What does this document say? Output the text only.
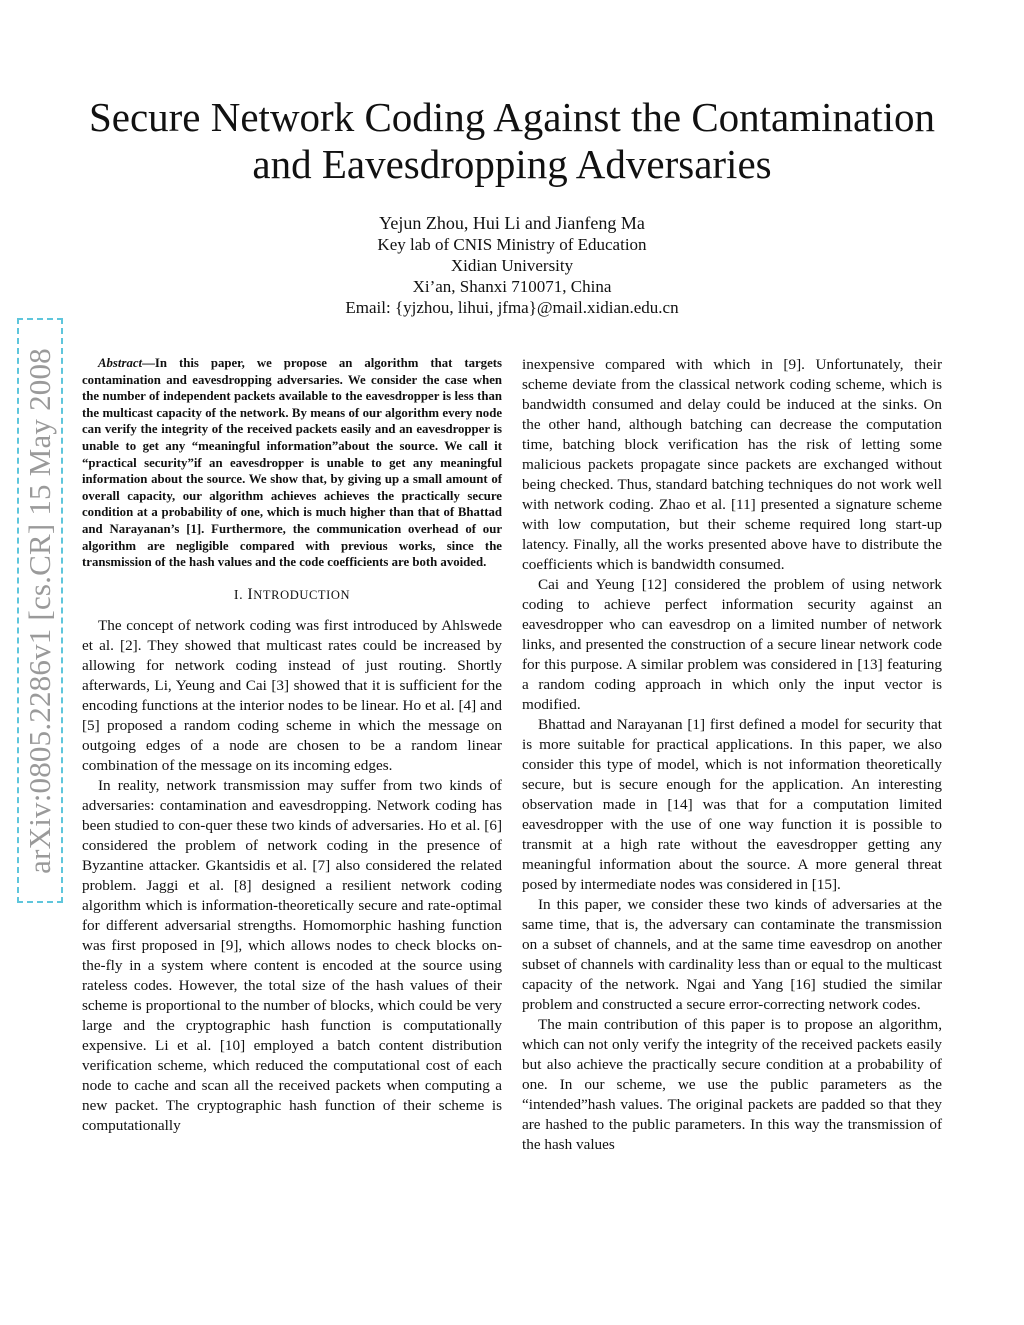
arXiv:0805.2286v1 [cs.CR] 15 May 2008
Secure Network Coding Against the Contamination
and Eavesdropping Adversaries
Yejun Zhou, Hui Li and Jianfeng Ma
Key lab of CNIS Ministry of Education
Xidian University
Xi’an, Shanxi 710071, China
Email: {yjzhou, lihui, jfma}@mail.xidian.edu.cn

Abstract—In this paper, we propose an algorithm that targets contamination and eavesdropping adversaries. We consider the case when the number of independent packets available to the eavesdropper is less than the multicast capacity of the network. By means of our algorithm every node can verify the integrity of the received packets easily and an eavesdropper is unable to get any “meaningful information”about the source. We call it “practical security”if an eavesdropper is unable to get any meaningful information about the source. We show that, by giving up a small amount of overall capacity, our algorithm achieves achieves the practically secure condition at a probability of one, which is much higher than that of Bhattad and Narayanan’s [1]. Furthermore, the communication overhead of our algorithm are negligible compared with previous works, since the transmission of the hash values and the code coefficients are both avoided.

I. INTRODUCTION

The concept of network coding was first introduced by Ahlswede et al. [2]. They showed that multicast rates could be increased by allowing for network coding instead of just routing. Shortly afterwards, Li, Yeung and Cai [3] showed that it is sufficient for the encoding functions at the interior nodes to be linear. Ho et al. [4] and [5] proposed a random coding scheme in which the message on outgoing edges of a node are chosen to be a random linear combination of the message on its incoming edges.

In reality, network transmission may suffer from two kinds of adversaries: contamination and eavesdropping. Network coding has been studied to con-quer these two kinds of adversaries. Ho et al. [6] considered the problem of network coding in the presence of Byzantine attacker. Gkantsidis et al. [7] also considered the related problem. Jaggi et al. [8] designed a resilient network coding algorithm which is information-theoretically secure and rate-optimal for different adversarial strengths. Homomorphic hashing function was first proposed in [9], which allows nodes to check blocks on-the-fly in a system where content is encoded at the source using rateless codes. However, the total size of the hash values of their scheme is proportional to the number of blocks, which could be very large and the cryptographic hash function is computationally expensive. Li et al. [10] employed a batch content distribution verification scheme, which reduced the computational cost of each node to cache and scan all the received packets when computing a new packet. The cryptographic hash function of their scheme is computationally

inexpensive compared with which in [9]. Unfortunately, their scheme deviate from the classical network coding scheme, which is bandwidth consumed and delay could be induced at the sinks. On the other hand, although batching can decrease the computation time, batching block verification has the risk of letting some malicious packets propagate since packets are exchanged without being checked. Thus, standard batching techniques do not work well with network coding. Zhao et al. [11] presented a signature scheme with low computation, but their scheme required long start-up latency. Finally, all the works presented above have to distribute the coefficients which is bandwidth consumed.

Cai and Yeung [12] considered the problem of using network coding to achieve perfect information security against an eavesdropper who can eavesdrop on a limited number of network links, and presented the construction of a secure linear network code for this purpose. A similar problem was considered in [13] featuring a random coding approach in which only the input vector is modified.

Bhattad and Narayanan [1] first defined a model for security that is more suitable for practical applications. In this paper, we also consider this type of model, which is not information theoretically secure, but is secure enough for the application. An interesting observation made in [14] was that for a computation limited eavesdropper with the use of one way function it is possible to transmit at a high rate without the eavesdropper getting any meaningful information about the source. A more general threat posed by intermediate nodes was considered in [15].

In this paper, we consider these two kinds of adversaries at the same time, that is, the adversary can contaminate the transmission on a subset of channels, and at the same time eavesdrop on another subset of channels with cardinality less than or equal to the multicast capacity of the network. Ngai and Yang [16] studied the similar problem and constructed a secure error-correcting network codes.

The main contribution of this paper is to propose an algorithm, which can not only verify the integrity of the received packets easily but also achieve the practically secure condition at a probability of one. In our scheme, we use the public parameters as the “intended”hash values. The original packets are padded so that they are hashed to the public parameters. In this way the transmission of the hash values
